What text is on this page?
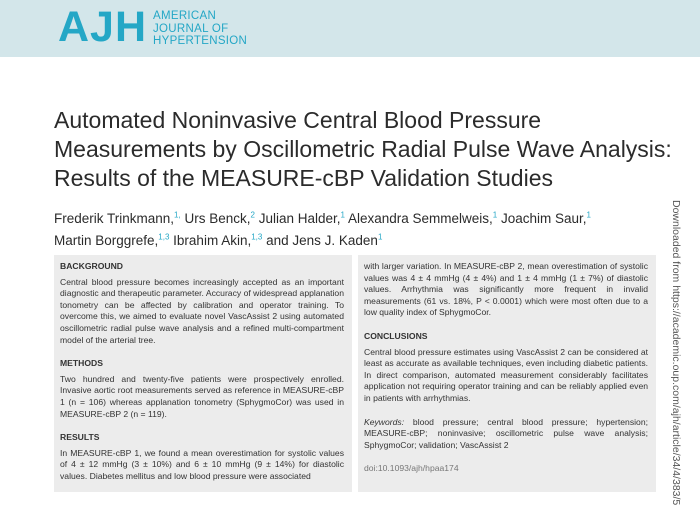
AJH AMERICAN
JOURNAL OF
HYPERTENSION
Automated Noninvasive Central Blood Pressure
Measurements by Oscillometric Radial Pulse Wave Analysis:
Results of the MEASURE-cBP Validation Studies
Frederik Trinkmann,$^{1,}$ Urs Benck,$^2$ Julian Halder,$^1$ Alexandra Semmelweis,$^1$ Joachim Saur,$^1$
Martin Borggrefe,$^{1,3}$ Ibrahim Akin,$^{1,3}$ and Jens J. Kaden$^1$
BACKGROUND
Central blood pressure becomes increasingly accepted as an important diagnostic and therapeutic parameter. Accuracy of widespread applanation tonometry can be affected by calibration and operator training. To overcome this, we aimed to evaluate novel VascAssist 2 using automated oscillometric radial pulse wave analysis and a refined multi-compartment model of the arterial tree.
METHODS
Two hundred and twenty-five patients were prospectively enrolled. Invasive aortic root measurements served as reference in MEASURE-cBP 1 (n = 106) whereas applanation tonometry (SphygmoCor) was used in MEASURE-cBP 2 (n = 119).
RESULTS
In MEASURE-cBP 1, we found a mean overestimation for systolic values of 4 ± 12 mmHg (3 ± 10%) and 6 ± 10 mmHg (9 ± 14%) for diastolic values. Diabetes mellitus and low blood pressure were associated
with larger variation. In MEASURE-cBP 2, mean overestimation of systolic values was 4 ± 4 mmHg (4 ± 4%) and 1 ± 4 mmHg (1 ± 7%) of diastolic values. Arrhythmia was significantly more frequent in invalid measurements (61 vs. 18%, P < 0.0001) which were most often due to a low quality index of SphygmoCor.
CONCLUSIONS
Central blood pressure estimates using VascAssist 2 can be considered at least as accurate as available techniques, even including diabetic patients. In direct comparison, automated measurement considerably facilitates application not requiring operator training and can be reliably applied even in patients with arrhythmias.
Keywords: blood pressure; central blood pressure; hypertension; MEASURE-cBP; noninvasive; oscillometric pulse wave analysis; SphygmoCor; validation; VascAssist 2
doi:10.1093/ajh/hpaa174	Downloaded from https://academic.oup.com/ajh/article/34/4/383/5
